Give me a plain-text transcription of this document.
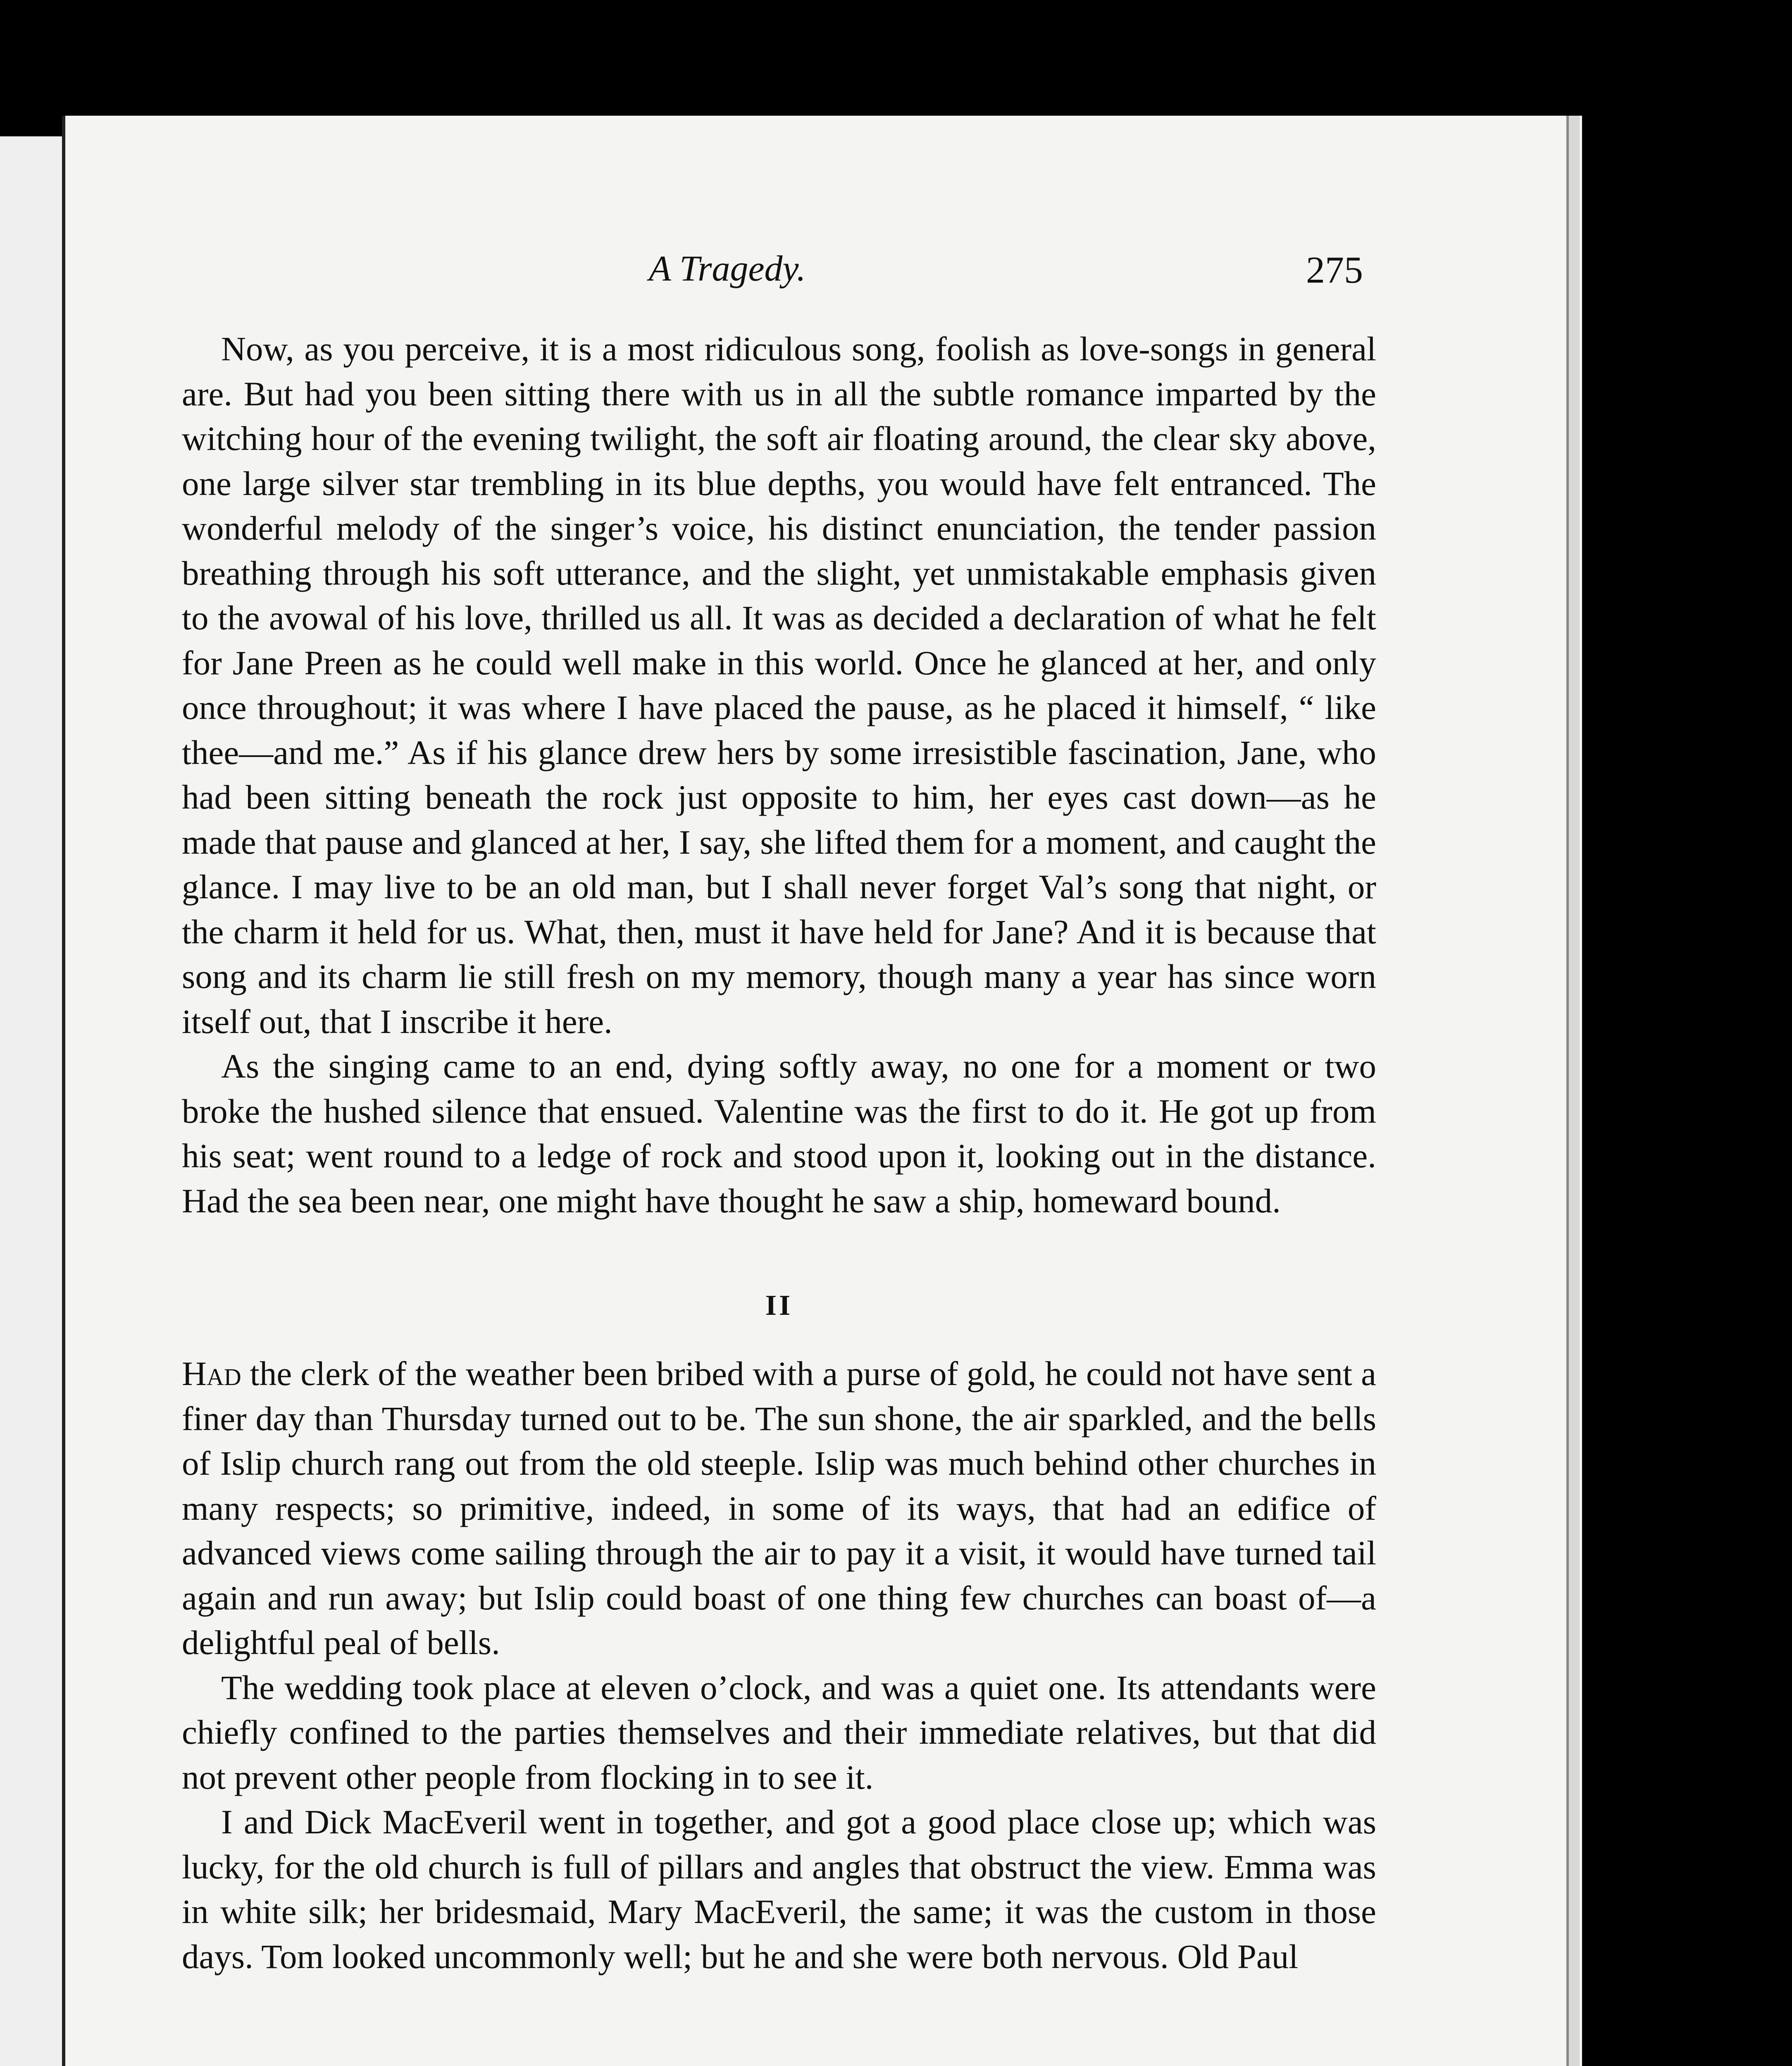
A Tragedy.	275

Now, as you perceive, it is a most ridiculous song, foolish as love-songs in general are. But had you been sitting there with us in all the subtle romance imparted by the witching hour of the evening twilight, the soft air floating around, the clear sky above, one large silver star trembling in its blue depths, you would have felt entranced. The wonderful melody of the singer’s voice, his distinct enunciation, the tender passion breathing through his soft utterance, and the slight, yet unmistakable emphasis given to the avowal of his love, thrilled us all. It was as decided a declaration of what he felt for Jane Preen as he could well make in this world. Once he glanced at her, and only once throughout; it was where I have placed the pause, as he placed it himself, “ like thee—and me.” As if his glance drew hers by some irresistible fascination, Jane, who had been sitting beneath the rock just opposite to him, her eyes cast down—as he made that pause and glanced at her, I say, she lifted them for a moment, and caught the glance. I may live to be an old man, but I shall never forget Val’s song that night, or the charm it held for us. What, then, must it have held for Jane? And it is because that song and its charm lie still fresh on my memory, though many a year has since worn itself out, that I inscribe it here.

As the singing came to an end, dying softly away, no one for a moment or two broke the hushed silence that ensued. Valentine was the first to do it. He got up from his seat; went round to a ledge of rock and stood upon it, looking out in the distance. Had the sea been near, one might have thought he saw a ship, homeward bound.

II

Had the clerk of the weather been bribed with a purse of gold, he could not have sent a finer day than Thursday turned out to be. The sun shone, the air sparkled, and the bells of Islip church rang out from the old steeple. Islip was much behind other churches in many respects; so primitive, indeed, in some of its ways, that had an edifice of advanced views come sailing through the air to pay it a visit, it would have turned tail again and run away; but Islip could boast of one thing few churches can boast of—a delightful peal of bells.

The wedding took place at eleven o’clock, and was a quiet one. Its attendants were chiefly confined to the parties themselves and their immediate relatives, but that did not prevent other people from flocking in to see it.

I and Dick MacEveril went in together, and got a good place close up; which was lucky, for the old church is full of pillars and angles that obstruct the view. Emma was in white silk; her bridesmaid, Mary MacEveril, the same; it was the custom in those days. Tom looked uncommonly well; but he and she were both nervous. Old Paul
